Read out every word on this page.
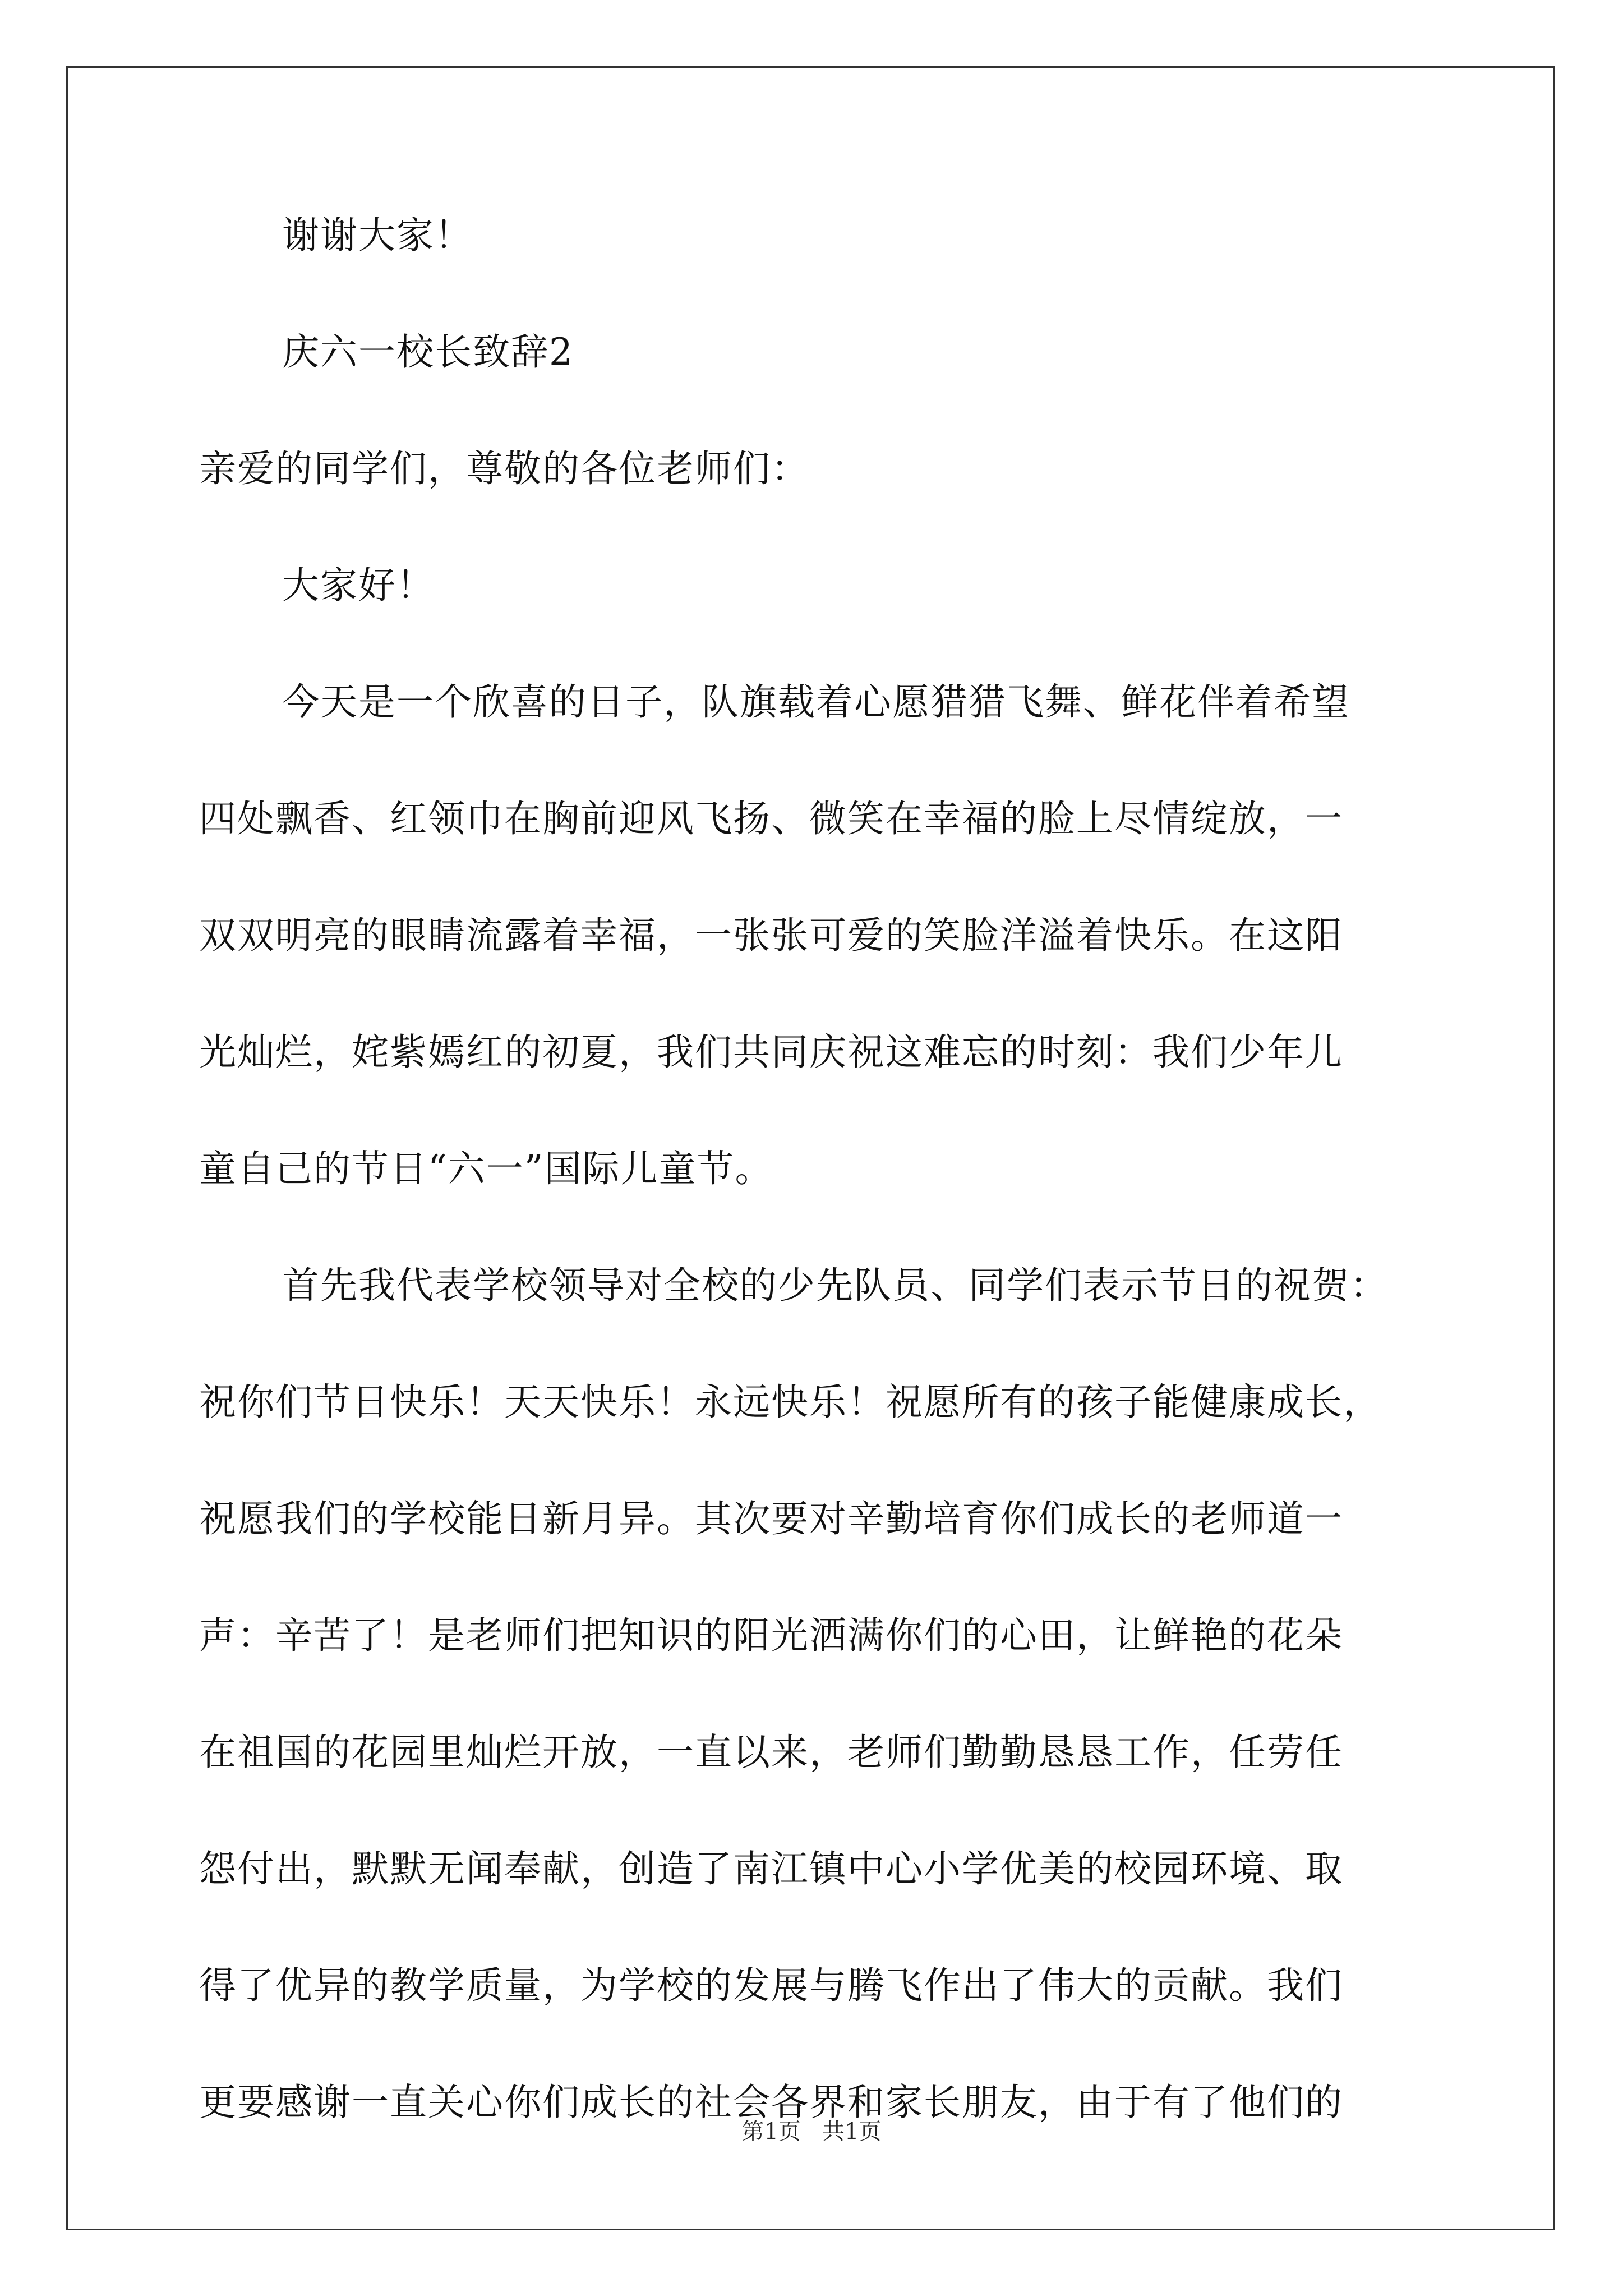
谢谢大家！
庆六一校长致辞2
亲爱的同学们，尊敬的各位老师们：
大家好！
今天是一个欣喜的日子，队旗载着心愿猎猎飞舞、鲜花伴着希望
四处飘香、红领巾在胸前迎风飞扬、微笑在幸福的脸上尽情绽放，一
双双明亮的眼睛流露着幸福，一张张可爱的笑脸洋溢着快乐。在这阳
光灿烂，姹紫嫣红的初夏，我们共同庆祝这难忘的时刻：我们少年儿
童自己的节日“六一”国际儿童节。
首先我代表学校领导对全校的少先队员、同学们表示节日的祝贺：
祝你们节日快乐！天天快乐！永远快乐！祝愿所有的孩子能健康成长，
祝愿我们的学校能日新月异。其次要对辛勤培育你们成长的老师道一
声：辛苦了！是老师们把知识的阳光洒满你们的心田，让鲜艳的花朵
在祖国的花园里灿烂开放，一直以来，老师们勤勤恳恳工作，任劳任
怨付出，默默无闻奉献，创造了南江镇中心小学优美的校园环境、取
得了优异的教学质量，为学校的发展与腾飞作出了伟大的贡献。我们
更要感谢一直关心你们成长的社会各界和家长朋友，由于有了他们的
第1页   共1页
